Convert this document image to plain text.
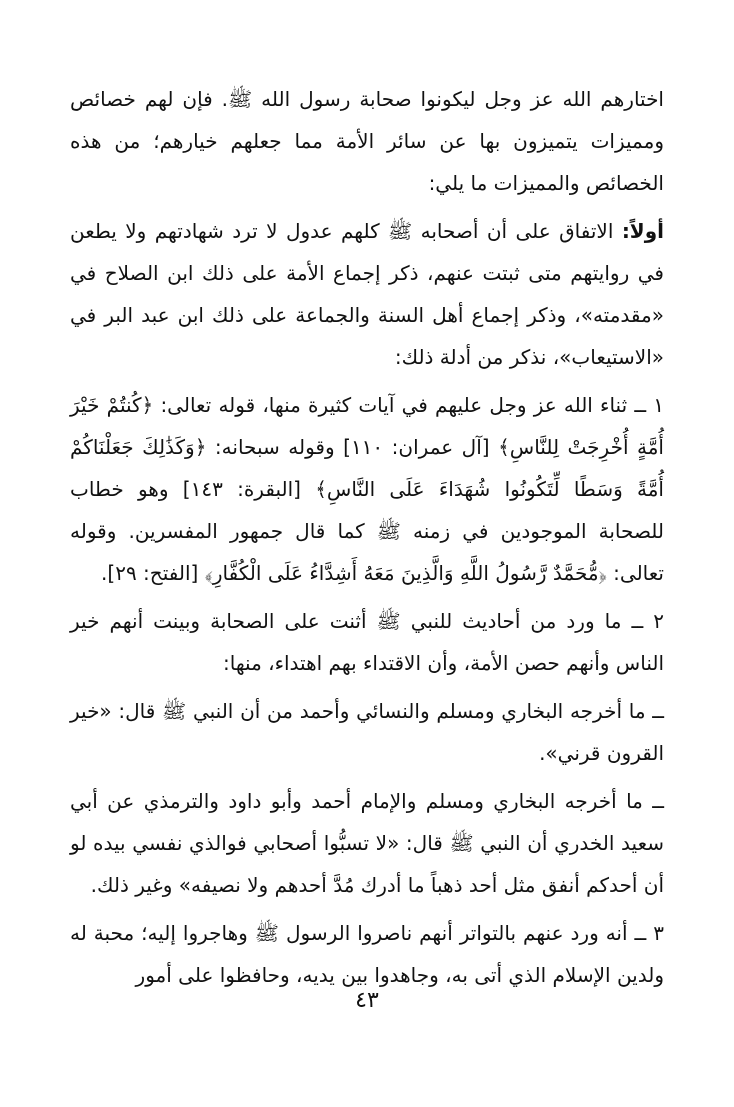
اختارهم الله عز وجل ليكونوا صحابة رسول الله ﷺ. فإن لهم خصائص ومميزات يتميزون بها عن سائر الأمة مما جعلهم خيارهم؛ من هذه الخصائص والمميزات ما يلي:

أولاً: الاتفاق على أن أصحابه ﷺ كلهم عدول لا ترد شهادتهم ولا يطعن في روايتهم متى ثبتت عنهم، ذكر إجماع الأمة على ذلك ابن الصلاح في «مقدمته»، وذكر إجماع أهل السنة والجماعة على ذلك ابن عبد البر في «الاستيعاب»، نذكر من أدلة ذلك:

١ ــ ثناء الله عز وجل عليهم في آيات كثيرة منها، قوله تعالى: ﴿كُنتُمْ خَيْرَ أُمَّةٍ أُخْرِجَتْ لِلنَّاسِ﴾ [آل عمران: ١١٠] وقوله سبحانه: ﴿وَكَذَٰلِكَ جَعَلْنَاكُمْ أُمَّةً وَسَطًا لِّتَكُونُوا شُهَدَاءَ عَلَى النَّاسِ﴾ [البقرة: ١٤٣] وهو خطاب للصحابة الموجودين في زمنه ﷺ كما قال جمهور المفسرين. وقوله تعالى: ﴿مُّحَمَّدٌ رَّسُولُ اللَّهِ وَالَّذِينَ مَعَهُ أَشِدَّاءُ عَلَى الْكُفَّارِ﴾ [الفتح: ٢٩].

٢ ــ ما ورد من أحاديث للنبي ﷺ أثنت على الصحابة وبينت أنهم خير الناس وأنهم حصن الأمة، وأن الاقتداء بهم اهتداء، منها:

ــ ما أخرجه البخاري ومسلم والنسائي وأحمد من أن النبي ﷺ قال: «خير القرون قرني».

ــ ما أخرجه البخاري ومسلم والإمام أحمد وأبو داود والترمذي عن أبي سعيد الخدري أن النبي ﷺ قال: «لا تسبُّوا أصحابي فوالذي نفسي بيده لو أن أحدكم أنفق مثل أحد ذهباً ما أدرك مُدَّ أحدهم ولا نصيفه» وغير ذلك.

٣ ــ أنه ورد عنهم بالتواتر أنهم ناصروا الرسول ﷺ وهاجروا إليه؛ محبة له ولدين الإسلام الذي أتى به، وجاهدوا بين يديه، وحافظوا على أمور

٤٣
